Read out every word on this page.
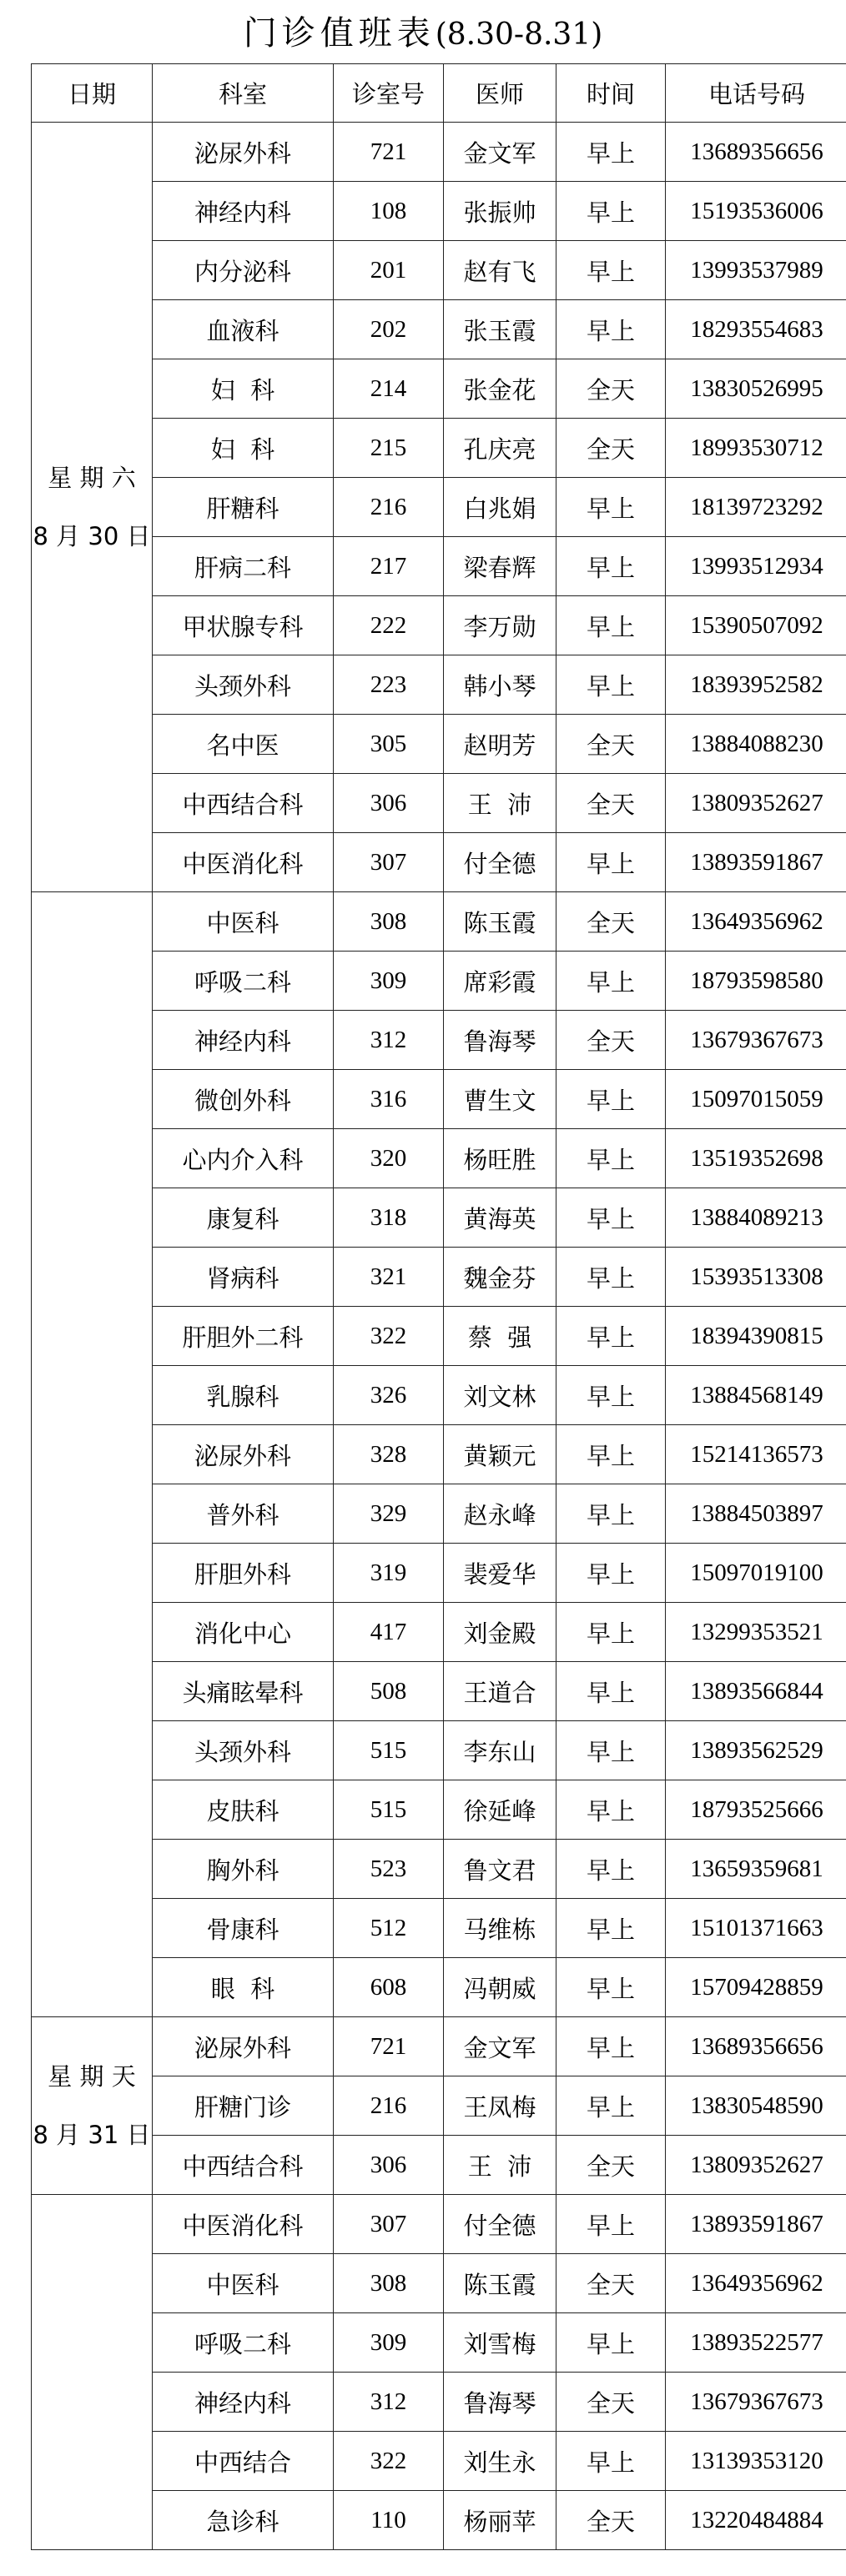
门诊值班表(8.30-8.31)
日期	科室	诊室号	医师	时间	电话号码

星 期 六
8 月 30 日	泌尿外科	721	金文军	早上	13689356656
	神经内科	108	张振帅	早上	15193536006
	内分泌科	201	赵有飞	早上	13993537989
	血液科	202	张玉霞	早上	18293554683
	妇  科	214	张金花	全天	13830526995
	妇  科	215	孔庆亮	全天	18993530712
	肝糖科	216	白兆娟	早上	18139723292
	肝病二科	217	梁春辉	早上	13993512934
	甲状腺专科	222	李万勋	早上	15390507092
	头颈外科	223	韩小琴	早上	18393952582
	名中医	305	赵明芳	全天	13884088230
	中西结合科	306	王  沛	全天	13809352627
	中医消化科	307	付全德	早上	13893591867
	中医科	308	陈玉霞	全天	13649356962
	呼吸二科	309	席彩霞	早上	18793598580
	神经内科	312	鲁海琴	全天	13679367673
	微创外科	316	曹生文	早上	15097015059
	心内介入科	320	杨旺胜	早上	13519352698
	康复科	318	黄海英	早上	13884089213
	肾病科	321	魏金芬	早上	15393513308
	肝胆外二科	322	蔡  强	早上	18394390815
	乳腺科	326	刘文林	早上	13884568149
	泌尿外科	328	黄颖元	早上	15214136573
	普外科	329	赵永峰	早上	13884503897
	肝胆外科	319	裴爱华	早上	15097019100
	消化中心	417	刘金殿	早上	13299353521
	头痛眩晕科	508	王道合	早上	13893566844
	头颈外科	515	李东山	早上	13893562529
	皮肤科	515	徐延峰	早上	18793525666
	胸外科	523	鲁文君	早上	13659359681
	骨康科	512	马维栋	早上	15101371663
	眼  科	608	冯朝威	早上	15709428859

星 期 天
8 月 31 日	泌尿外科	721	金文军	早上	13689356656
	肝糖门诊	216	王凤梅	早上	13830548590
	中西结合科	306	王  沛	全天	13809352627
	中医消化科	307	付全德	早上	13893591867
	中医科	308	陈玉霞	全天	13649356962
	呼吸二科	309	刘雪梅	早上	13893522577
	神经内科	312	鲁海琴	全天	13679367673
	中西结合	322	刘生永	早上	13139353120
	急诊科	110	杨丽苹	全天	13220484884
